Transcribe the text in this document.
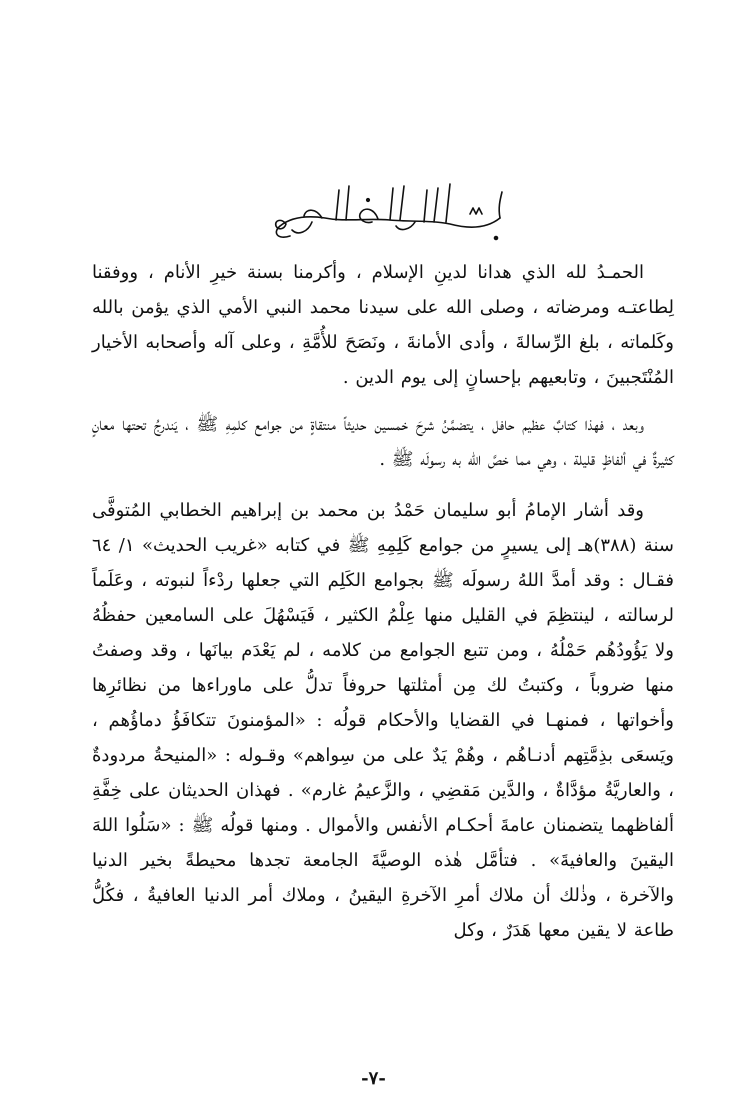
الحمـدُ لله الذي هدانا لدينِ الإسلام ، وأكرمنا بسنة خيرِ الأنام ، ووفقنا لِطاعتـه ومرضاته ، وصلى الله على سيدنا محمد النبي الأمي الذي يؤمن بالله وكَلماته ، بلغ الرِّسالةَ ، وأدى الأمانةَ ، ونَصَحَ للأُمَّةِ ، وعلى آله وأصحابه الأخيار المُنْتَجبينَ ، وتابعيهم بإحسانٍ إلى يوم الدين .

وبعد ، فهذا كتابٌ عظيم حافل ، يتضمَّنُ شرحَ خمسين حديثاً منتقاةٍ من جوامع كلمِهِ ﷺ ، يَندرجُ تحتها معانٍ كثيرةٌ في ألفاظٍ قليلة ، وهي مما خصَّ الله به رسولَه ﷺ .

وقد أشار الإمامُ أبو سليمان حَمْدُ بن محمد بن إبراهيم الخطابي المُتوفَّى سنة (٣٨٨)هـ إلى يسيرٍ من جوامع كَلِمِهِ ﷺ في كتابه «غريب الحديث» ١/ ٦٤ فقـال : وقد أمدَّ اللهُ رسولَه ﷺ بجوامع الكَلِم التي جعلها ردْءاً لنبوته ، وعَلَماً لرسالته ، لينتظِمَ في القليل منها عِلْمُ الكثير ، فَيَسْهُلَ على السامعين حفظُهُ ولا يَؤُودُهُم حَمْلُهُ ، ومن تتبع الجوامع من كلامه ، لم يَعْدَم بيانَها ، وقد وصفتُ منها ضروباً ، وكتبتُ لك مِن أمثلتها حروفاً تدلُّ على ماوراءها من نظائرِها وأخواتها ، فمنهـا في القضايا والأحكام قولُه : «المؤمنونَ تتكافَؤُ دماؤُهم ، ويَسعَى بذِمَّتِهم أدنـاهُم ، وهُمْ يَدٌ على من سِواهم» وقـوله : «المنيحةُ مردودةٌ ، والعاريَّةُ مؤدَّاةٌ ، والدَّين مَقضِي ، والزَّعيمُ غارم» . فهذان الحديثان على خِفَّةِ ألفاظهما يتضمنان عامةَ أحكـام الأنفس والأموال . ومنها قولُه ﷺ : «سَلُوا اللهَ اليقينَ والعافيةَ» . فتأمَّل هٰذه الوصيَّةَ الجامعة تجدها محيطةً بخير الدنيا والآخرة ، وذٰلك أن ملاك أمرِ الآخرةِ اليقينُ ، وملاك أمر الدنيا العافيةُ ، فكُلُّ طاعة لا يقين معها هَدَرٌ ، وكل

-٧-
